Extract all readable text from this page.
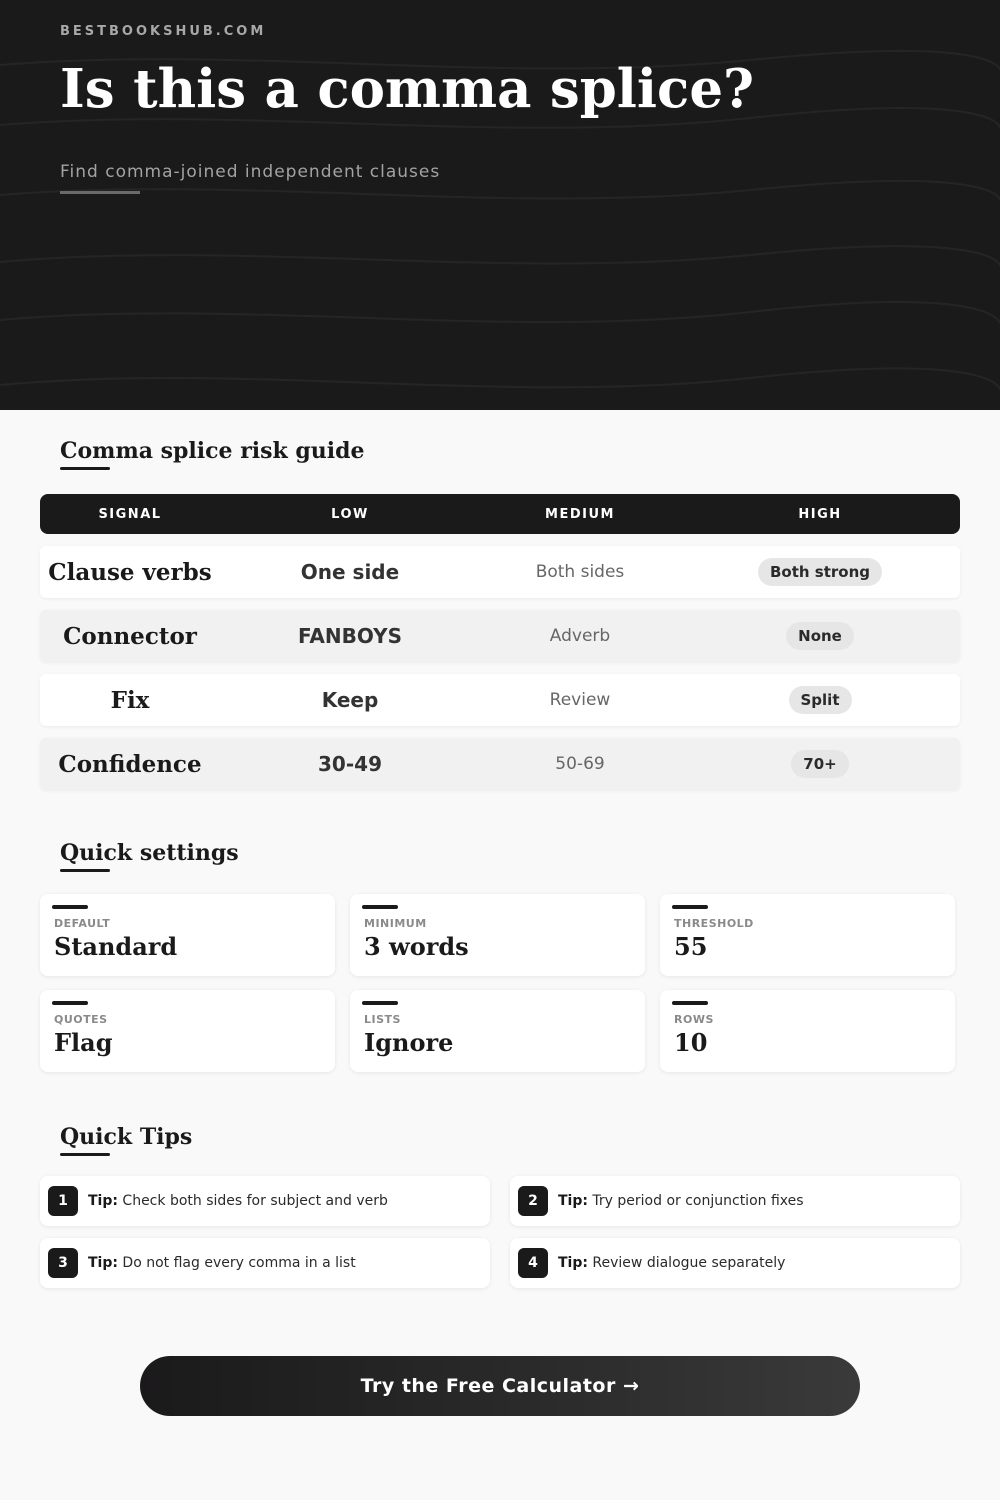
BESTBOOKSHUB.COM
Is this a comma splice?
Find comma-joined independent clauses
Comma splice risk guide
SIGNAL	LOW	MEDIUM	HIGH
Clause verbs	One side	Both sides	Both strong
Connector	FANBOYS	Adverb	None
Fix	Keep	Review	Split
Confidence	30-49	50-69	70+
Quick settings
DEFAULT
Standard
MINIMUM
3 words
THRESHOLD
55
QUOTES
Flag
LISTS
Ignore
ROWS
10
Quick Tips
1	Tip: Check both sides for subject and verb	2	Tip: Try period or conjunction fixes
3	Tip: Do not flag every comma in a list	4	Tip: Review dialogue separately
Try the Free Calculator →
